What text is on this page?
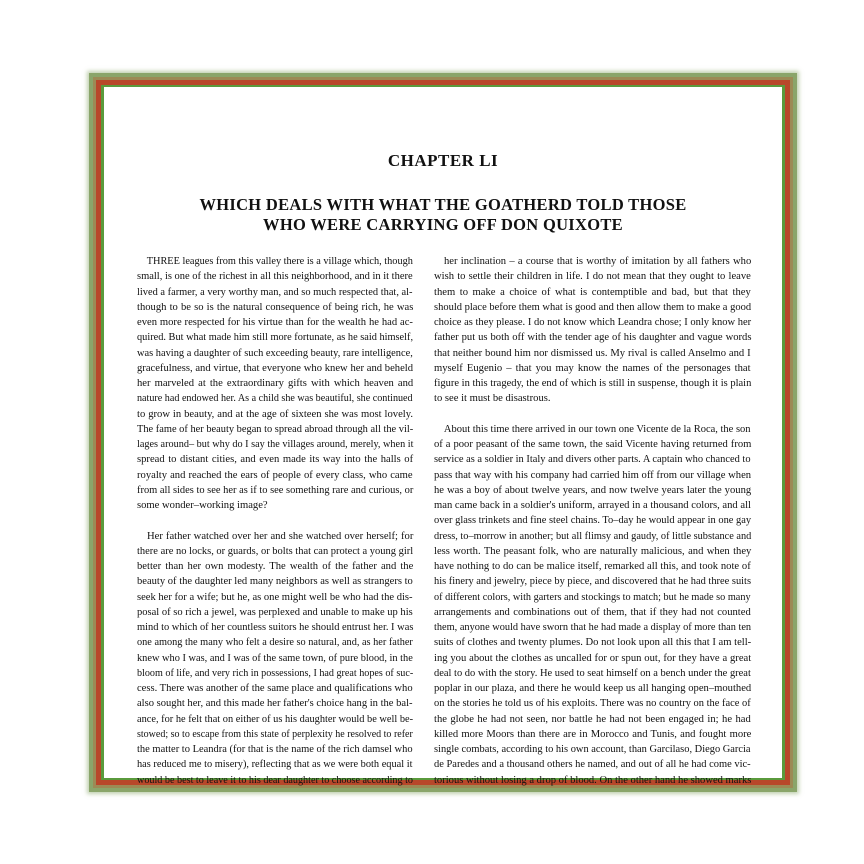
CHAPTER LI
WHICH DEALS WITH WHAT THE GOATHERD TOLD THOSE
WHO WERE CARRYING OFF DON QUIXOTE
THREE leagues from this valley there is a village which, though
small, is one of the richest in all this neighborhood, and in it there
lived a farmer, a very worthy man, and so much respected that, al-
though to be so is the natural consequence of being rich, he was
even more respected for his virtue than for the wealth he had ac-
quired. But what made him still more fortunate, as he said himself,
was having a daughter of such exceeding beauty, rare intelligence,
gracefulness, and virtue, that everyone who knew her and beheld
her marveled at the extraordinary gifts with which heaven and
nature had endowed her. As a child she was beautiful, she continued
to grow in beauty, and at the age of sixteen she was most lovely.
The fame of her beauty began to spread abroad through all the vil-
lages around– but why do I say the villages around, merely, when it
spread to distant cities, and even made its way into the halls of
royalty and reached the ears of people of every class, who came
from all sides to see her as if to see something rare and curious, or
some wonder–working image?
Her father watched over her and she watched over herself; for
there are no locks, or guards, or bolts that can protect a young girl
better than her own modesty. The wealth of the father and the
beauty of the daughter led many neighbors as well as strangers to
seek her for a wife; but he, as one might well be who had the dis-
posal of so rich a jewel, was perplexed and unable to make up his
mind to which of her countless suitors he should entrust her. I was
one among the many who felt a desire so natural, and, as her father
knew who I was, and I was of the same town, of pure blood, in the
bloom of life, and very rich in possessions, I had great hopes of suc-
cess. There was another of the same place and qualifications who
also sought her, and this made her father's choice hang in the bal-
ance, for he felt that on either of us his daughter would be well be-
stowed; so to escape from this state of perplexity he resolved to refer
the matter to Leandra (for that is the name of the rich damsel who
has reduced me to misery), reflecting that as we were both equal it
would be best to leave it to his dear daughter to choose according to
her inclination – a course that is worthy of imitation by all fathers who
wish to settle their children in life. I do not mean that they ought to leave
them to make a choice of what is contemptible and bad, but that they
should place before them what is good and then allow them to make a good
choice as they please. I do not know which Leandra chose; I only know her
father put us both off with the tender age of his daughter and vague words
that neither bound him nor dismissed us. My rival is called Anselmo and I
myself Eugenio – that you may know the names of the personages that
figure in this tragedy, the end of which is still in suspense, though it is plain
to see it must be disastrous.
About this time there arrived in our town one Vicente de la Roca, the son
of a poor peasant of the same town, the said Vicente having returned from
service as a soldier in Italy and divers other parts. A captain who chanced to
pass that way with his company had carried him off from our village when
he was a boy of about twelve years, and now twelve years later the young
man came back in a soldier's uniform, arrayed in a thousand colors, and all
over glass trinkets and fine steel chains. To–day he would appear in one gay
dress, to–morrow in another; but all flimsy and gaudy, of little substance and
less worth. The peasant folk, who are naturally malicious, and when they
have nothing to do can be malice itself, remarked all this, and took note of
his finery and jewelry, piece by piece, and discovered that he had three suits
of different colors, with garters and stockings to match; but he made so many
arrangements and combinations out of them, that if they had not counted
them, anyone would have sworn that he had made a display of more than ten
suits of clothes and twenty plumes. Do not look upon all this that I am tell-
ing you about the clothes as uncalled for or spun out, for they have a great
deal to do with the story. He used to seat himself on a bench under the great
poplar in our plaza, and there he would keep us all hanging open–mouthed
on the stories he told us of his exploits. There was no country on the face of
the globe he had not seen, nor battle he had not been engaged in; he had
killed more Moors than there are in Morocco and Tunis, and fought more
single combats, according to his own account, than Garcilaso, Diego Garcia
de Paredes and a thousand others he named, and out of all he had come vic-
torious without losing a drop of blood. On the other hand he showed marks
